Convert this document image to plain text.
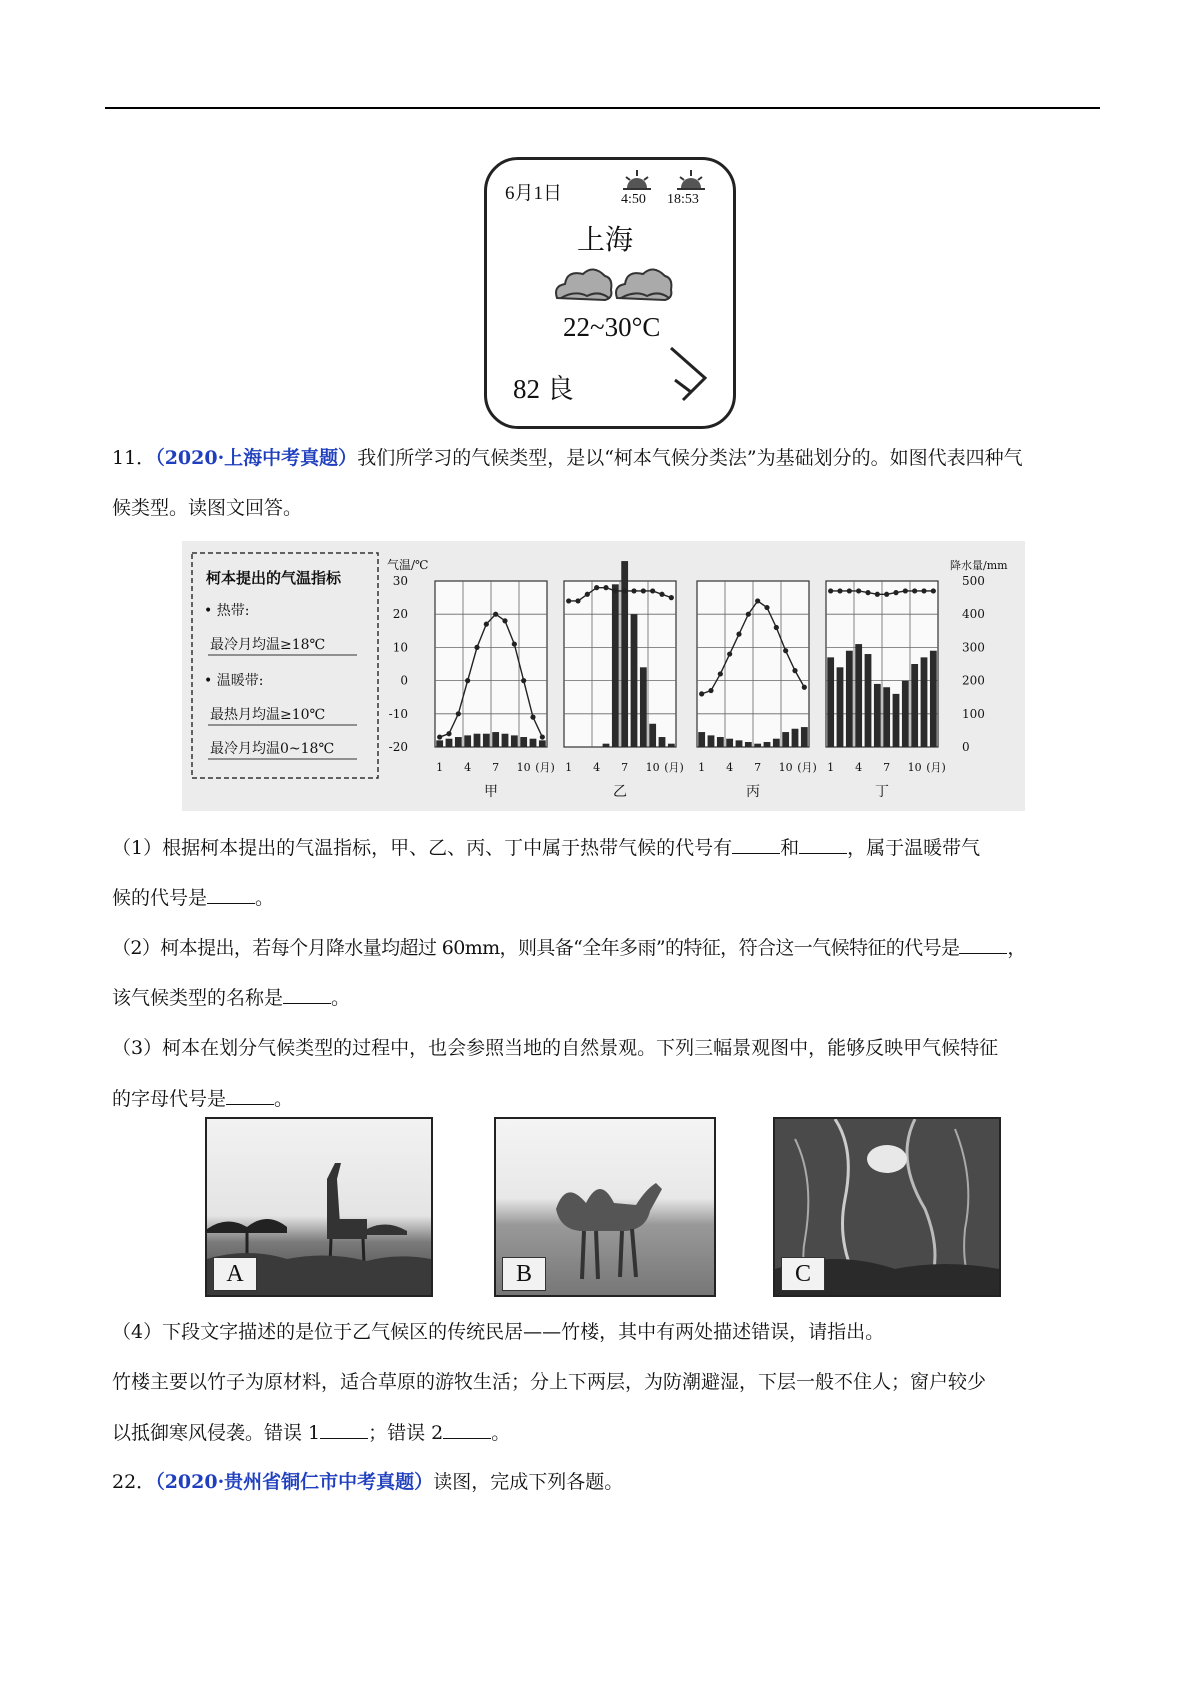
6月1日	4:50 18:53
上海
22~30°C
82 良
11．（2020·上海中考真题）我们所学习的气候类型，是以“柯本气候分类法”为基础划分的。如图代表四种气
候类型。读图文回答。
柯本提出的气温指标
• 热带:
最冷月均温≥18℃
• 温暖带:
最热月均温≥10℃
最冷月均温0~18℃
气温/℃	降水量/mm
30
20
10
0
-10
-20
500
400
300
200
100
0
1 4 7 10 (月)
甲
1 4 7 10 (月)
乙
1 4 7 10 (月)
丙
1 4 7 10 (月)
丁
（1）根据柯本提出的气温指标，甲、乙、丙、丁中属于热带气候的代号有	和	，属于温暖带气
候的代号是	。
（2）柯本提出，若每个月降水量均超过 60mm，则具备“全年多雨”的特征，符合这一气候特征的代号是	，
该气候类型的名称是	。
（3）柯本在划分气候类型的过程中，也会参照当地的自然景观。下列三幅景观图中，能够反映甲气候特征
的字母代号是	。
A	B	C
（4）下段文字描述的是位于乙气候区的传统民居——竹楼，其中有两处描述错误，请指出。
竹楼主要以竹子为原材料，适合草原的游牧生活；分上下两层，为防潮避湿，下层一般不住人；窗户较少
以抵御寒风侵袭。错误 1	；错误 2	。
22．（2020·贵州省铜仁市中考真题）读图，完成下列各题。
